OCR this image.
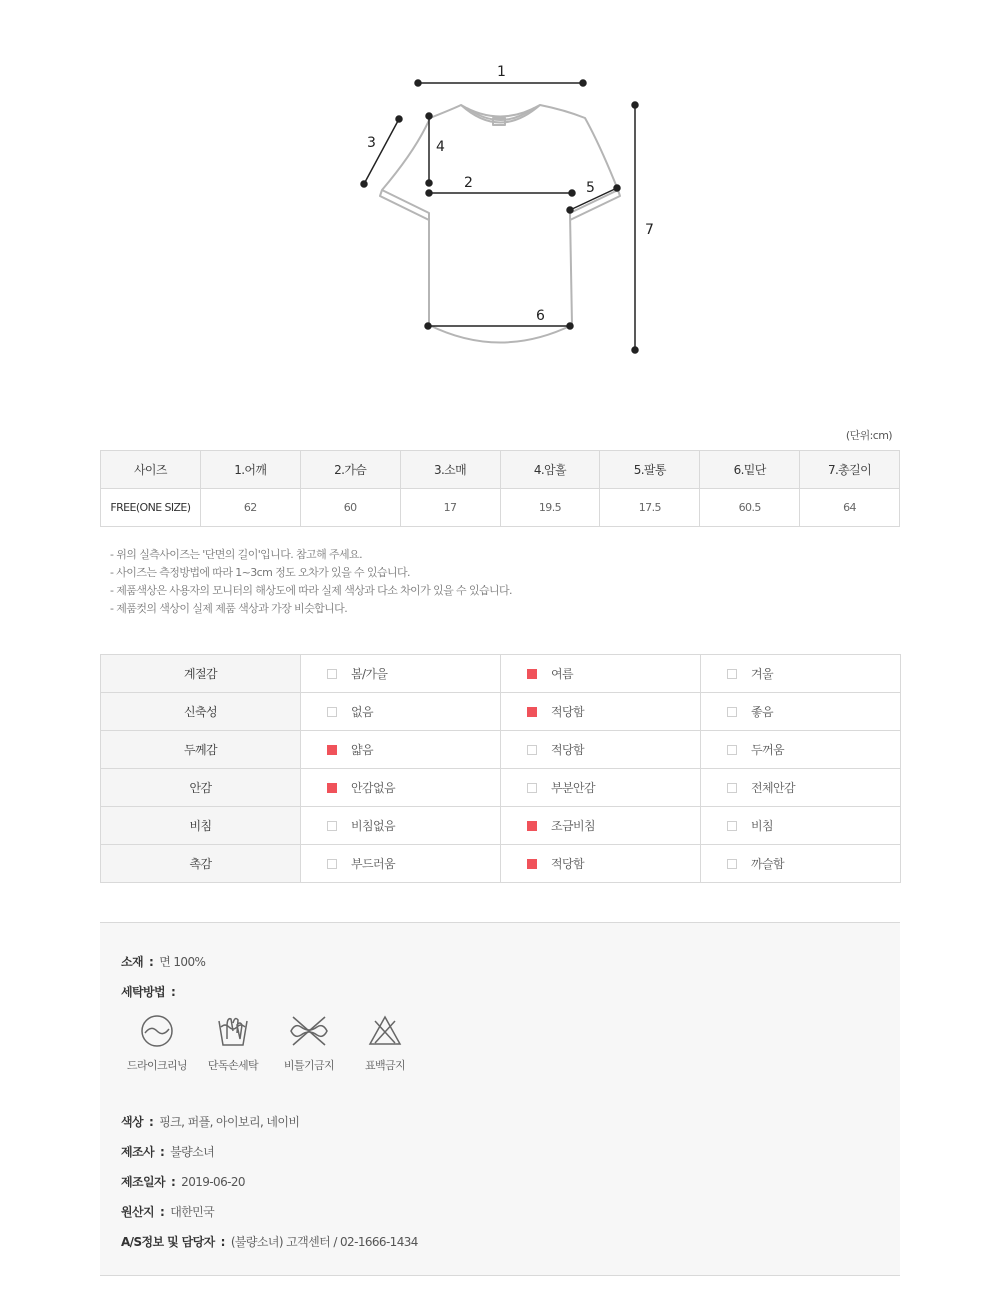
1
2
3	4
5
6
7
(단위:cm)
사이즈	1.어깨	2.가슴	3.소매	4.암홀	5.팔통	6.밑단	7.총길이
FREE(ONE SIZE)	62	60	17	19.5	17.5	60.5	64
- 위의 실측사이즈는 '단면의 길이'입니다. 참고해 주세요.
- 사이즈는 측정방법에 따라 1~3cm 정도 오차가 있을 수 있습니다.
- 제품색상은 사용자의 모니터의 해상도에 따라 실제 색상과 다소 차이가 있을 수 있습니다.
- 제품컷의 색상이 실제 제품 색상과 가장 비슷합니다.
계절감	봄/가을	여름	겨울
신축성	없음	적당함	좋음
두께감	얇음	적당함	두꺼움
안감	안감없음	부분안감	전체안감
비침	비침없음	조금비침	비침
촉감	부드러움	적당함	까슬함
소재 : 면 100%
세탁방법 :
드라이크리닝	단독손세탁	비틀기금지	표백금지
색상 : 핑크, 퍼플, 아이보리, 네이비
제조사 : 불량소녀
제조일자 : 2019-06-20
원산지 : 대한민국
A/S정보 및 담당자 : (불량소녀) 고객센터 / 02-1666-1434
